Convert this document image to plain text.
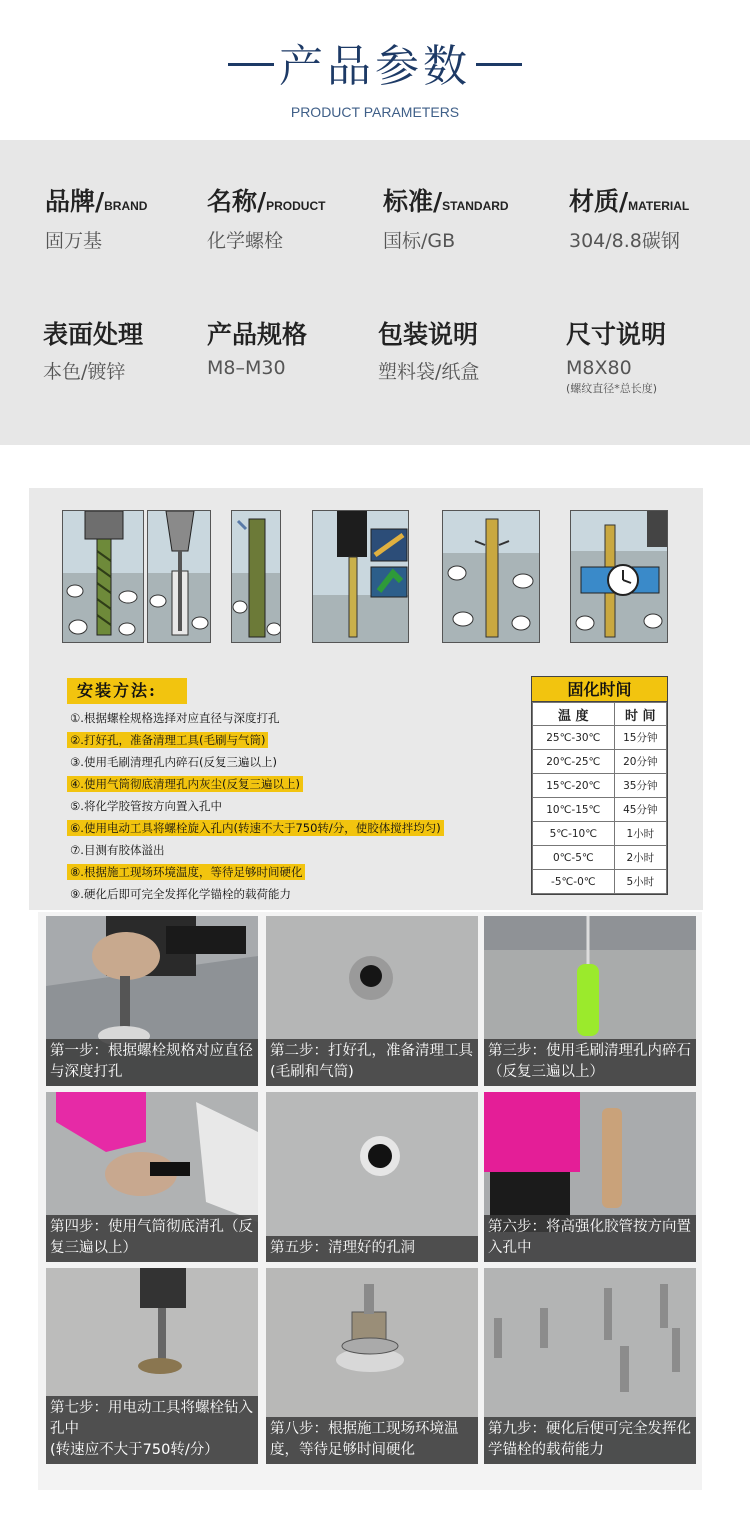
产品参数
PRODUCT PARAMETERS
品牌/BRAND
固万基
名称/PRODUCT
化学螺栓
标准/STANDARD
国标/GB
材质/MATERIAL
304/8.8碳钢
表面处理
本色/镀锌
产品规格
M8–M30
包装说明
塑料袋/纸盒
尺寸说明
M8X80
(螺纹直径*总长度)
安装方法:
①.根据螺栓规格选择对应直径与深度打孔
②.打好孔，准备清理工具(毛刷与气筒)
③.使用毛刷清理孔内碎石(反复三遍以上)
④.使用气筒彻底清理孔内灰尘(反复三遍以上)
⑤.将化学胶管按方向置入孔中
⑥.使用电动工具将螺栓旋入孔内(转速不大于750转/分，使胶体搅拌均匀)
⑦.目测有胶体溢出
⑧.根据施工现场环境温度，等待足够时间硬化
⑨.硬化后即可完全发挥化学锚栓的载荷能力
固化时间
温 度	时 间
25℃-30℃	15分钟
20℃-25℃	20分钟
15℃-20℃	35分钟
10℃-15℃	45分钟
5℃-10℃	1小时
0℃-5℃	2小时
-5℃-0℃	5小时
第一步：根据螺栓规格对应直径与深度打孔
第二步：打好孔，准备清理工具(毛刷和气筒)
第三步：使用毛刷清理孔内碎石（反复三遍以上）
第四步：使用气筒彻底清孔（反复三遍以上）	第五步：清理好的孔洞
第六步：将高强化胶管按方向置入孔中
第七步：用电动工具将螺栓钻入孔中
(转速应不大于750转/分）
第八步：根据施工现场环境温度，等待足够时间硬化
第九步：硬化后便可完全发挥化学锚栓的载荷能力
